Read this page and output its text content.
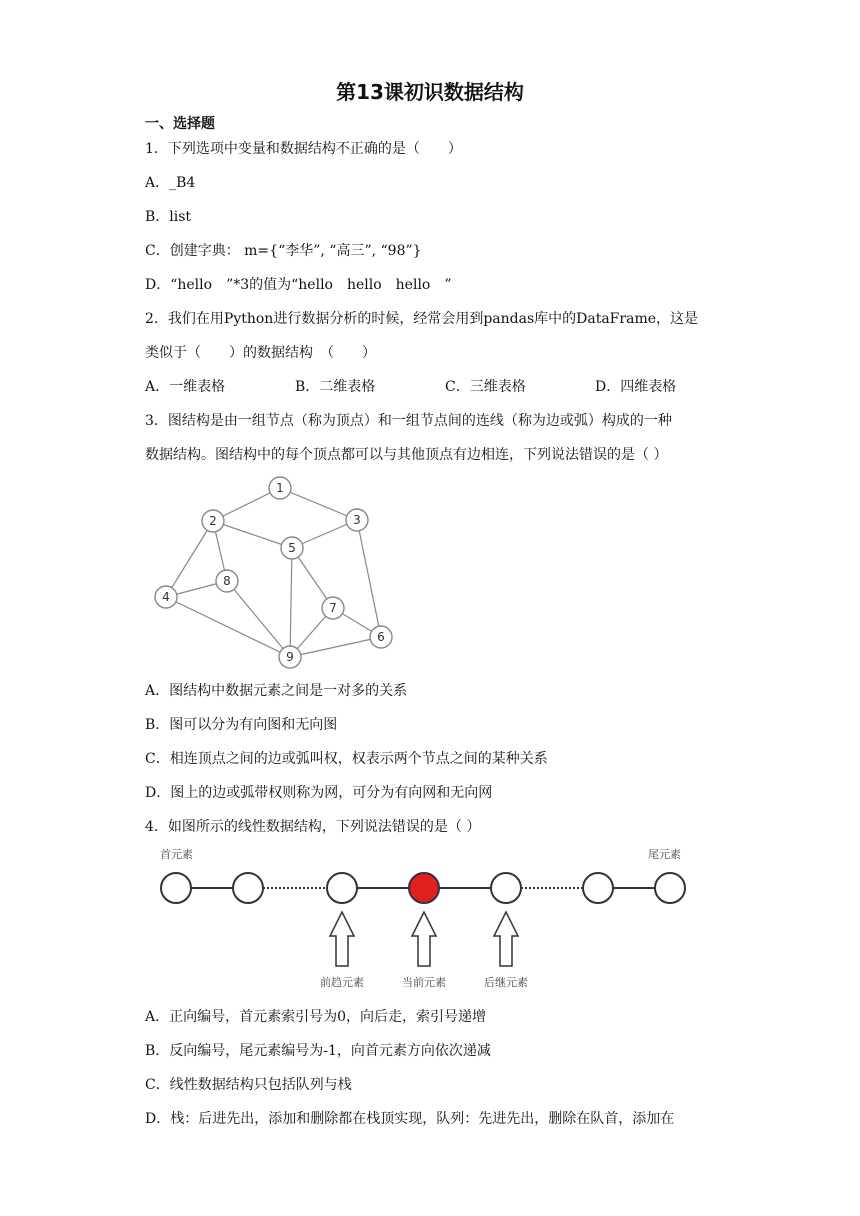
第13课初识数据结构
一、选择题
1．下列选项中变量和数据结构不正确的是（　　）
A．_B4
B．list
C．创建字典： m={“李华”, “高三”, “98”}
D．“hello　”*3的值为“hello　hello　hello　”
2．我们在用Python进行数据分析的时候，经常会用到pandas库中的DataFrame，这是
类似于（　　）的数据结构　（　　）
A．一维表格	B．二维表格	C．三维表格	D．四维表格
3．图结构是由一组节点（称为顶点）和一组节点间的连线（称为边或弧）构成的一种
数据结构。图结构中的每个顶点都可以与其他顶点有边相连，下列说法错误的是（ ）
1
2	3
4
5
6
7
8
9
A．图结构中数据元素之间是一对多的关系
B．图可以分为有向图和无向图
C．相连顶点之间的边或弧叫权，权表示两个节点之间的某种关系
D．图上的边或弧带权则称为网，可分为有向网和无向网
4．如图所示的线性数据结构，下列说法错误的是（ ）
首元素	尾元素
前趋元素	当前元素	后继元素
A．正向编号，首元素索引号为0，向后走，索引号递增
B．反向编号，尾元素编号为-1，向首元素方向依次递减
C．线性数据结构只包括队列与栈
D．栈：后进先出，添加和删除都在栈顶实现，队列：先进先出，删除在队首，添加在
